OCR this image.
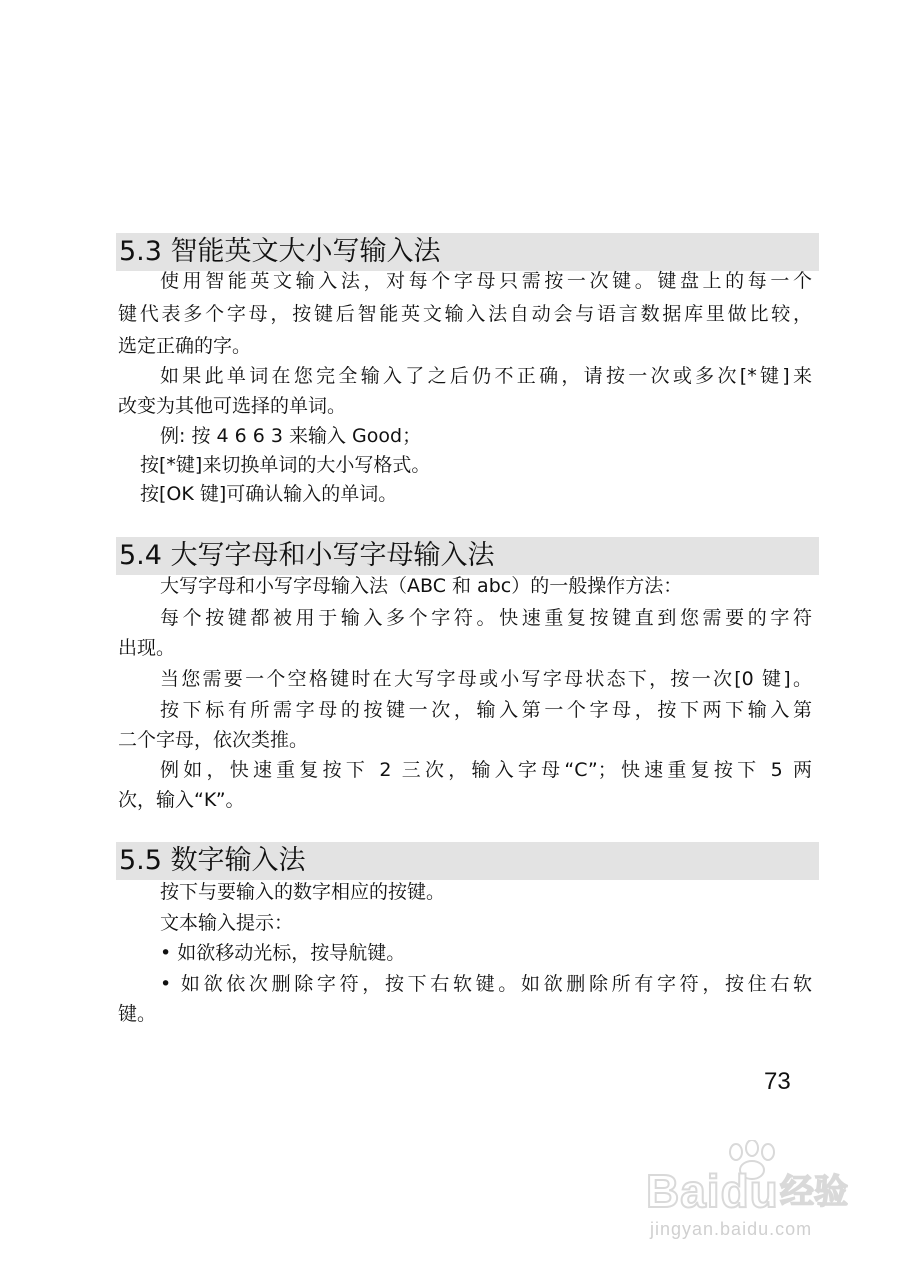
5.3 智能英文大小写输入法
使用智能英文输入法，对每个字母只需按一次键。键盘上的每一个
键代表多个字母，按键后智能英文输入法自动会与语言数据库里做比较，
选定正确的字。
如果此单词在您完全输入了之后仍不正确，请按一次或多次[*键]来
改变为其他可选择的单词。
例: 按 4 6 6 3 来输入 Good；
按[*键]来切换单词的大小写格式。
按[OK 键]可确认输入的单词。
5.4 大写字母和小写字母输入法
大写字母和小写字母输入法（ABC 和 abc）的一般操作方法：
每个按键都被用于输入多个字符。快速重复按键直到您需要的字符
出现。
当您需要一个空格键时在大写字母或小写字母状态下，按一次[0 键]。
按下标有所需字母的按键一次，输入第一个字母，按下两下输入第
二个字母，依次类推。
例如，快速重复按下 2 三次，输入字母“C”；快速重复按下 5 两
次，输入“K”。
5.5 数字输入法
按下与要输入的数字相应的按键。
文本输入提示：
• 如欲移动光标，按导航键。
• 如欲依次删除字符，按下右软键。如欲删除所有字符，按住右软
键。
73
Baidu 经验
jingyan.baidu.com
